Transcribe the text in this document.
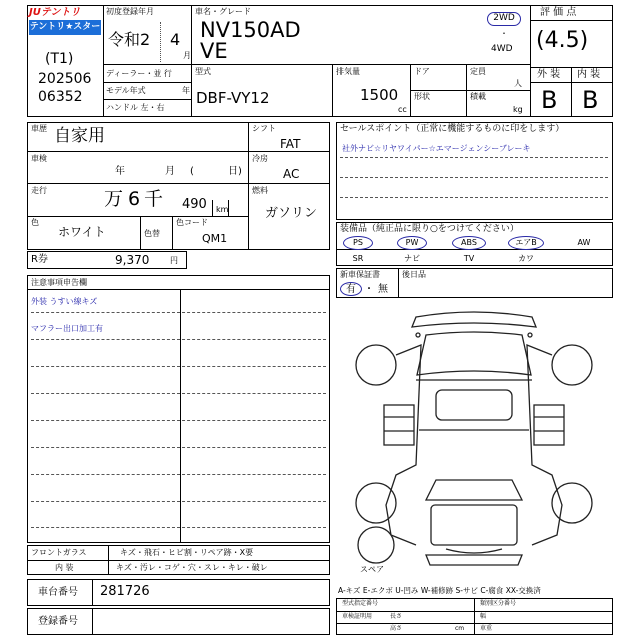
JUテントリ
テントリ★スター
(T1)
202506
06352
初度登録年月
令和2 4
月
車名・グレード
NV150AD
VE
2WD
・
4WD
評 価 点
(4.5)
外 装 内 装
B B
ディーラー・並 行
モデル年式	年
ハンドル 左・右
型式
DBF-VY12
排気量
1500
cc
ドア
形状
定員
人
積載
kg
車歴 自家用
車検
年	月 (	日)
走行	万 6 千 490 km
色
ホワイト	色替
色コード
QM1
シフト
FAT
冷房
AC
燃料
ガソリン
R券	9,370	円
セールスポイント（正常に機能するものに印をします）
社外ナビ☆リヤワイパー☆エマージェンシーブレーキ
装備品（純正品に限り○をつけてください）
PS	PW	ABS	エアB	AW
SR	ナビ	TV	カワ
新車保証書
有 ・ 無
後日品
注意事項申告欄
外装 うすい線キズ
マフラー出口加工有
フロントガラス	キズ・飛石・ヒビ割・リペア跡・X要
内 装	キズ・汚レ・コゲ・穴・スレ・キレ・破レ
車台番号 281726
登録番号
スペア
A-キズ E-エクボ U-凹み W-補修跡 S-サビ C-腐食 XX-交換済
型式指定番号	類別区分番号
車検証明用	長さ	幅
高さ	車重
cm
